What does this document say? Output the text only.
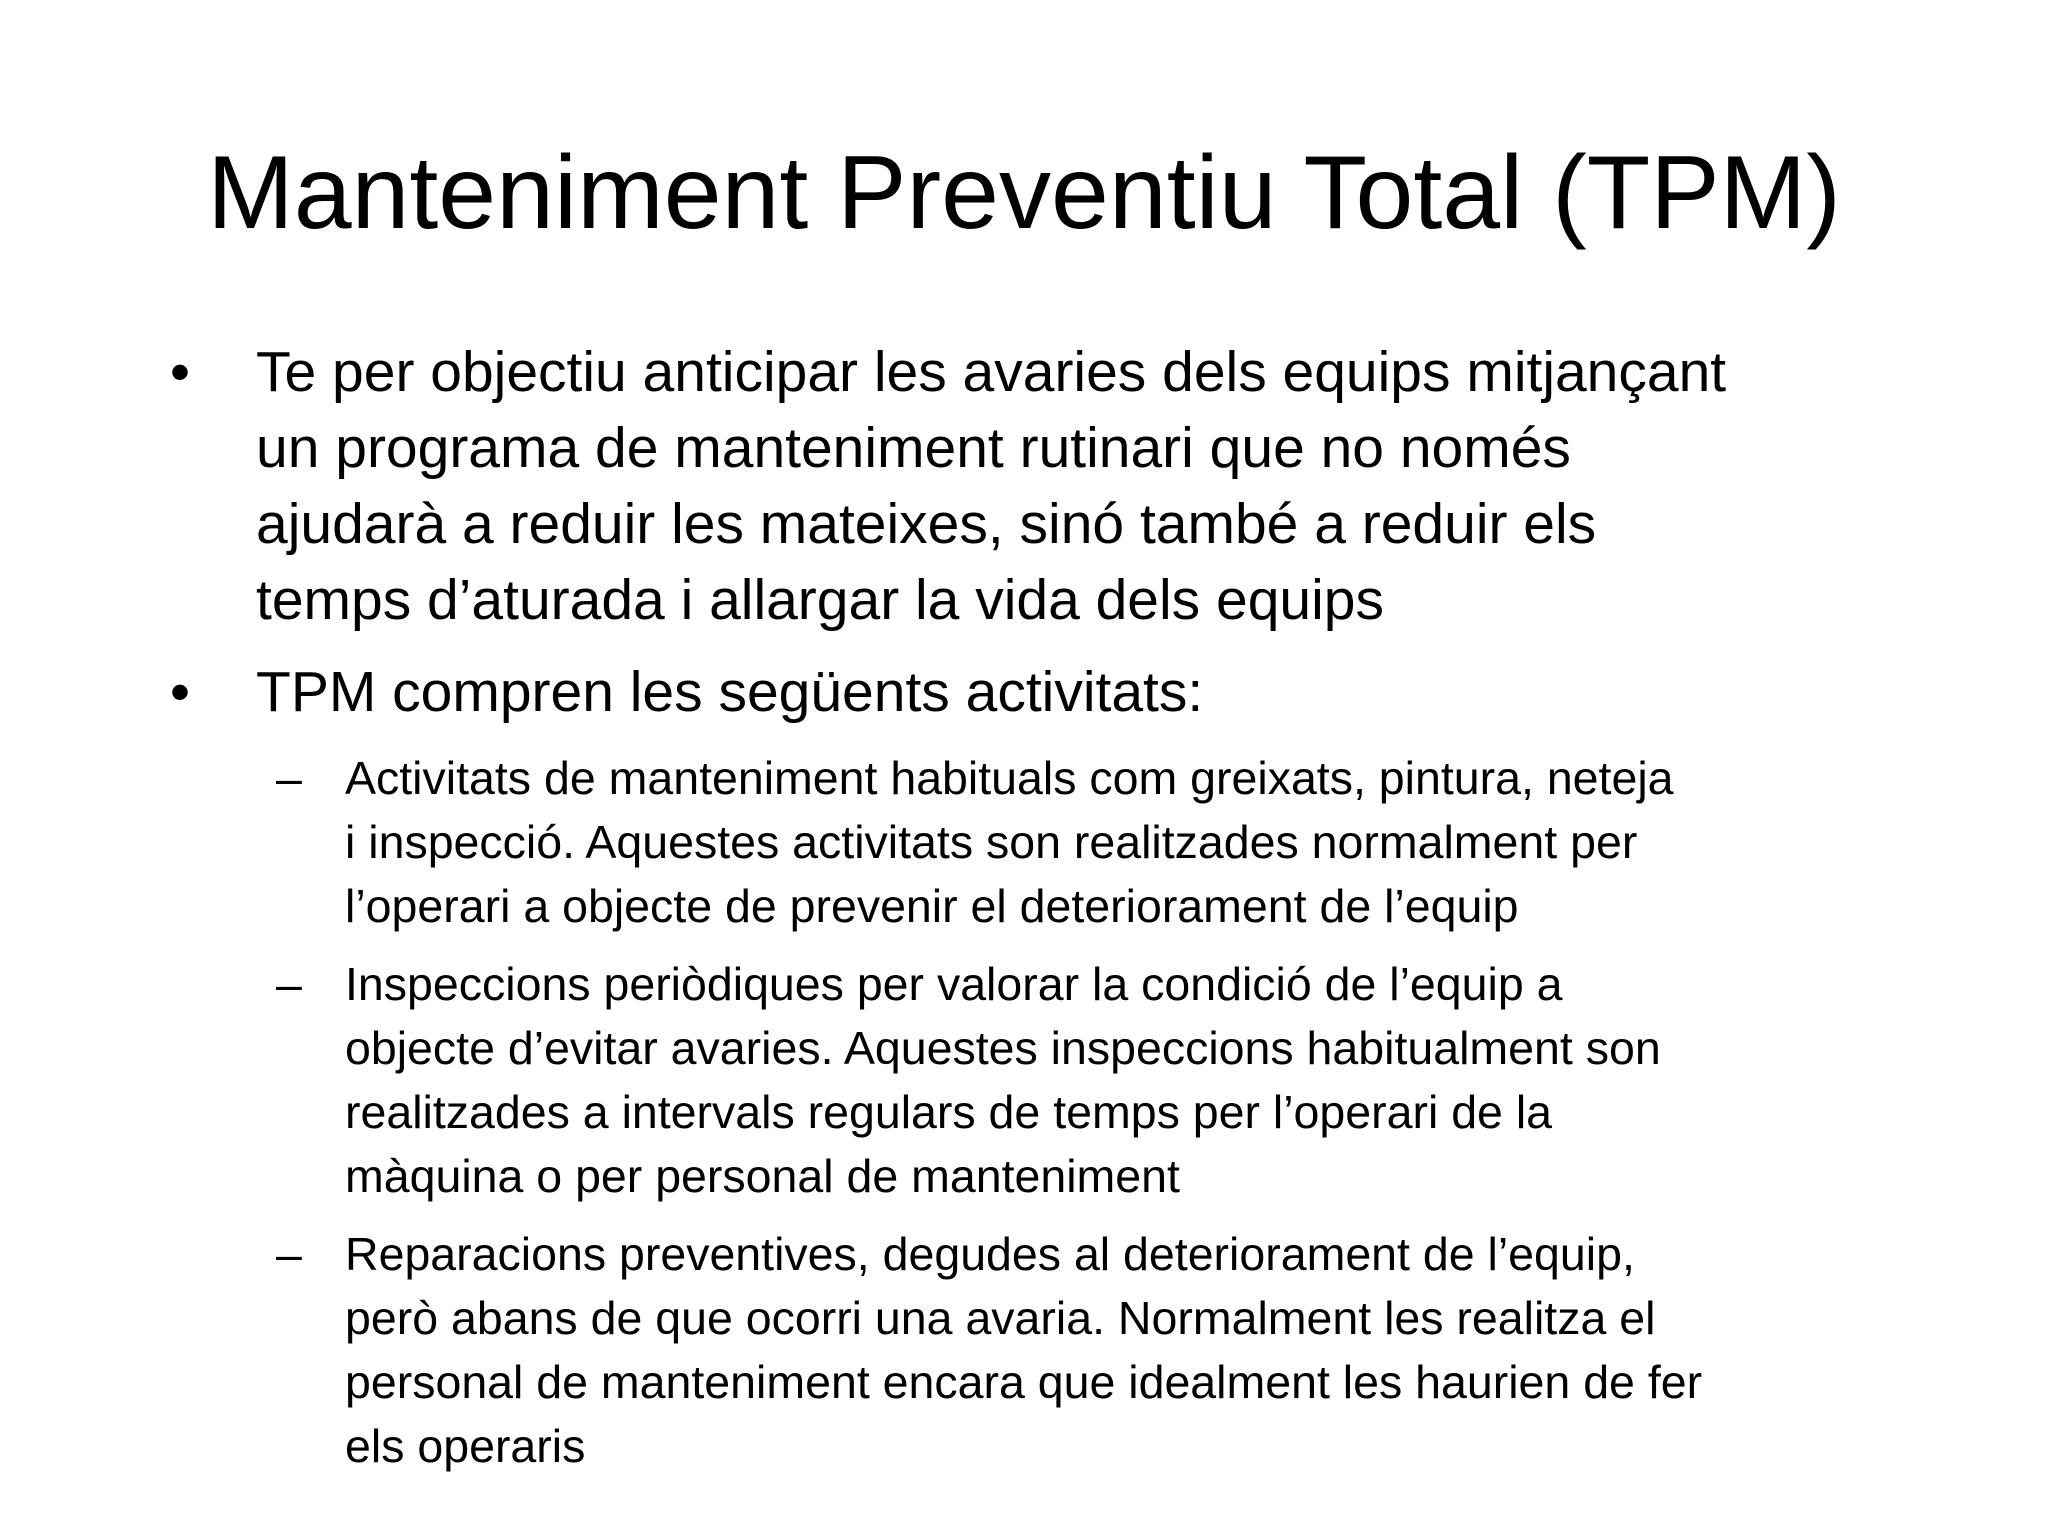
Manteniment Preventiu Total (TPM)
•	Te per objectiu anticipar les avaries dels equips mitjançant
un programa de manteniment rutinari que no només
ajudarà a reduir les mateixes, sinó també a reduir els
temps d’aturada i allargar la vida dels equips
•	TPM compren les següents activitats:
– Activitats de manteniment habituals com greixats, pintura, neteja
i inspecció. Aquestes activitats son realitzades normalment per
l’operari a objecte de prevenir el deteriorament de l’equip
– Inspeccions periòdiques per valorar la condició de l’equip a
objecte d’evitar avaries. Aquestes inspeccions habitualment son
realitzades a intervals regulars de temps per l’operari de la
màquina o per personal de manteniment
– Reparacions preventives, degudes al deteriorament de l’equip,
però abans de que ocorri una avaria. Normalment les realitza el
personal de manteniment encara que idealment les haurien de fer
els operaris
